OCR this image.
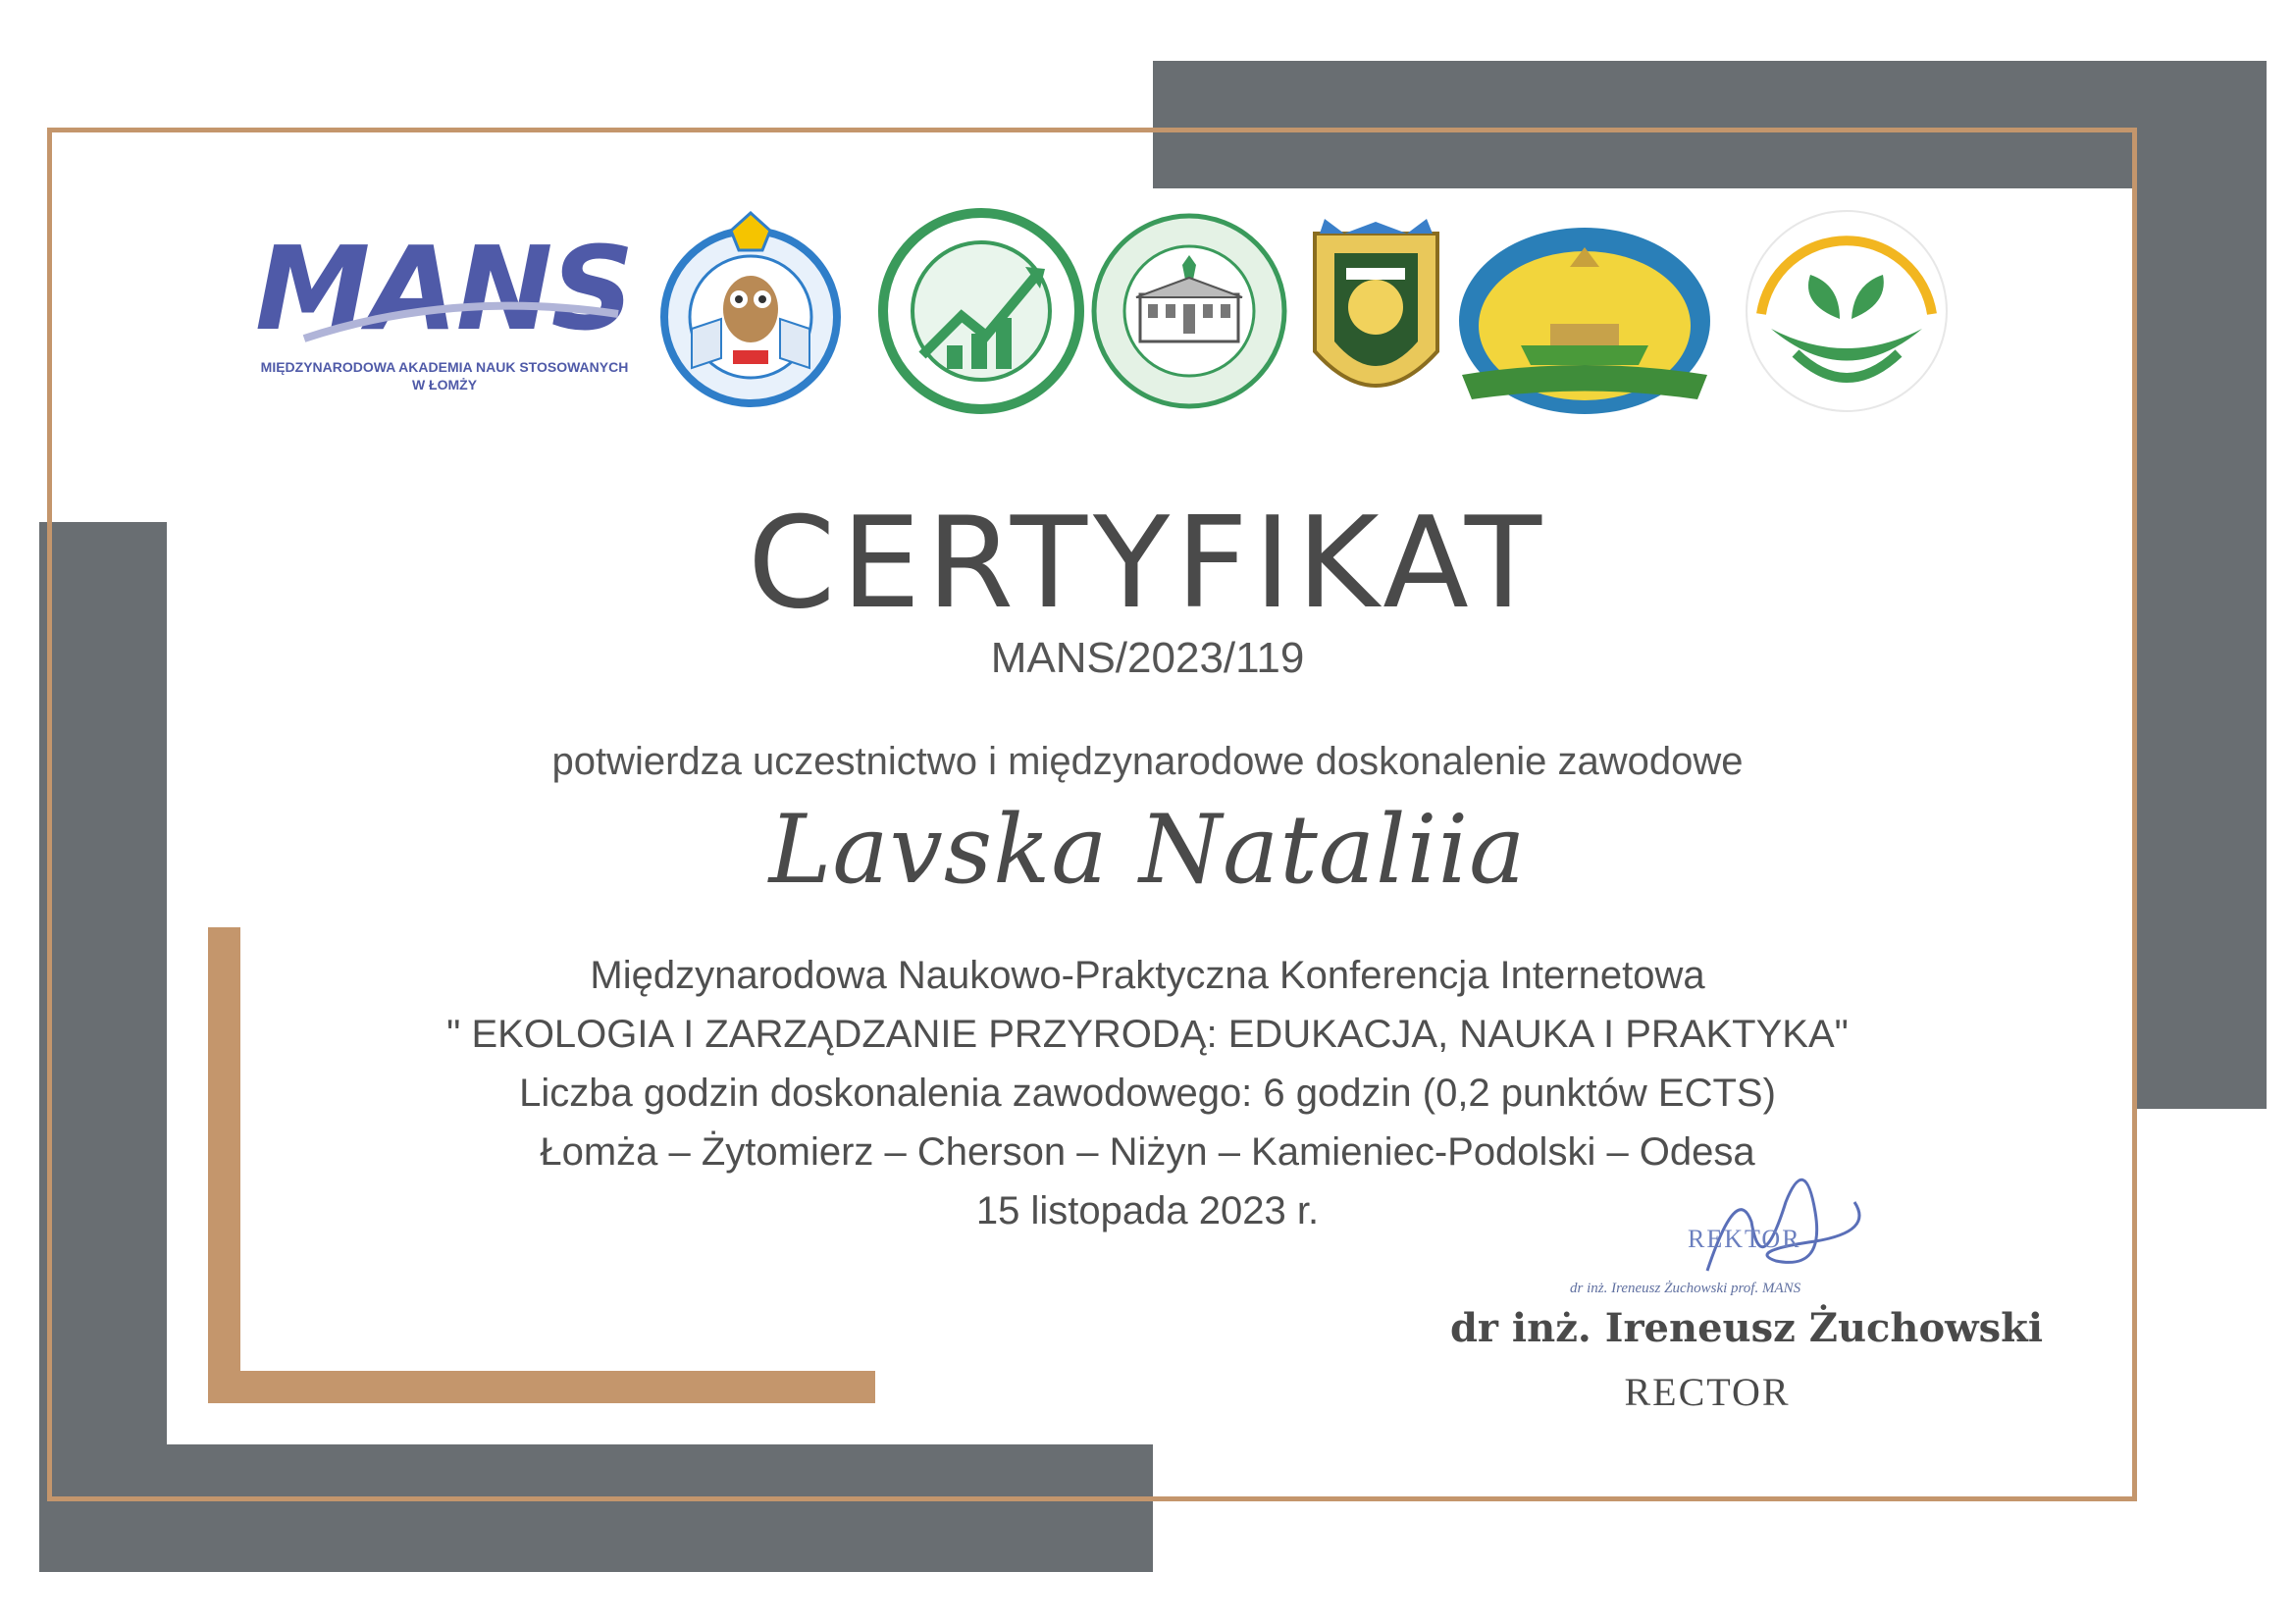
MANS
MIĘDZYNARODOWA AKADEMIA NAUK STOSOWANYCH
W ŁOMŻY
CERTYFIKAT
MANS/2023/119
potwierdza uczestnictwo i międzynarodowe doskonalenie zawodowe
Lavska Nataliia
Międzynarodowa Naukowo-Praktyczna Konferencja Internetowa
" EKOLOGIA I ZARZĄDZANIE PRZYRODĄ: EDUKACJA, NAUKA I PRAKTYKA"
Liczba godzin doskonalenia zawodowego: 6 godzin (0,2 punktów ECTS)
Łomża – Żytomierz – Cherson – Niżyn – Kamieniec-Podolski – Odesa
15 listopada 2023 r.
REKTOR
dr inż. Ireneusz Żuchowski prof. MANS
dr inż. Ireneusz Żuchowski
RECTOR
